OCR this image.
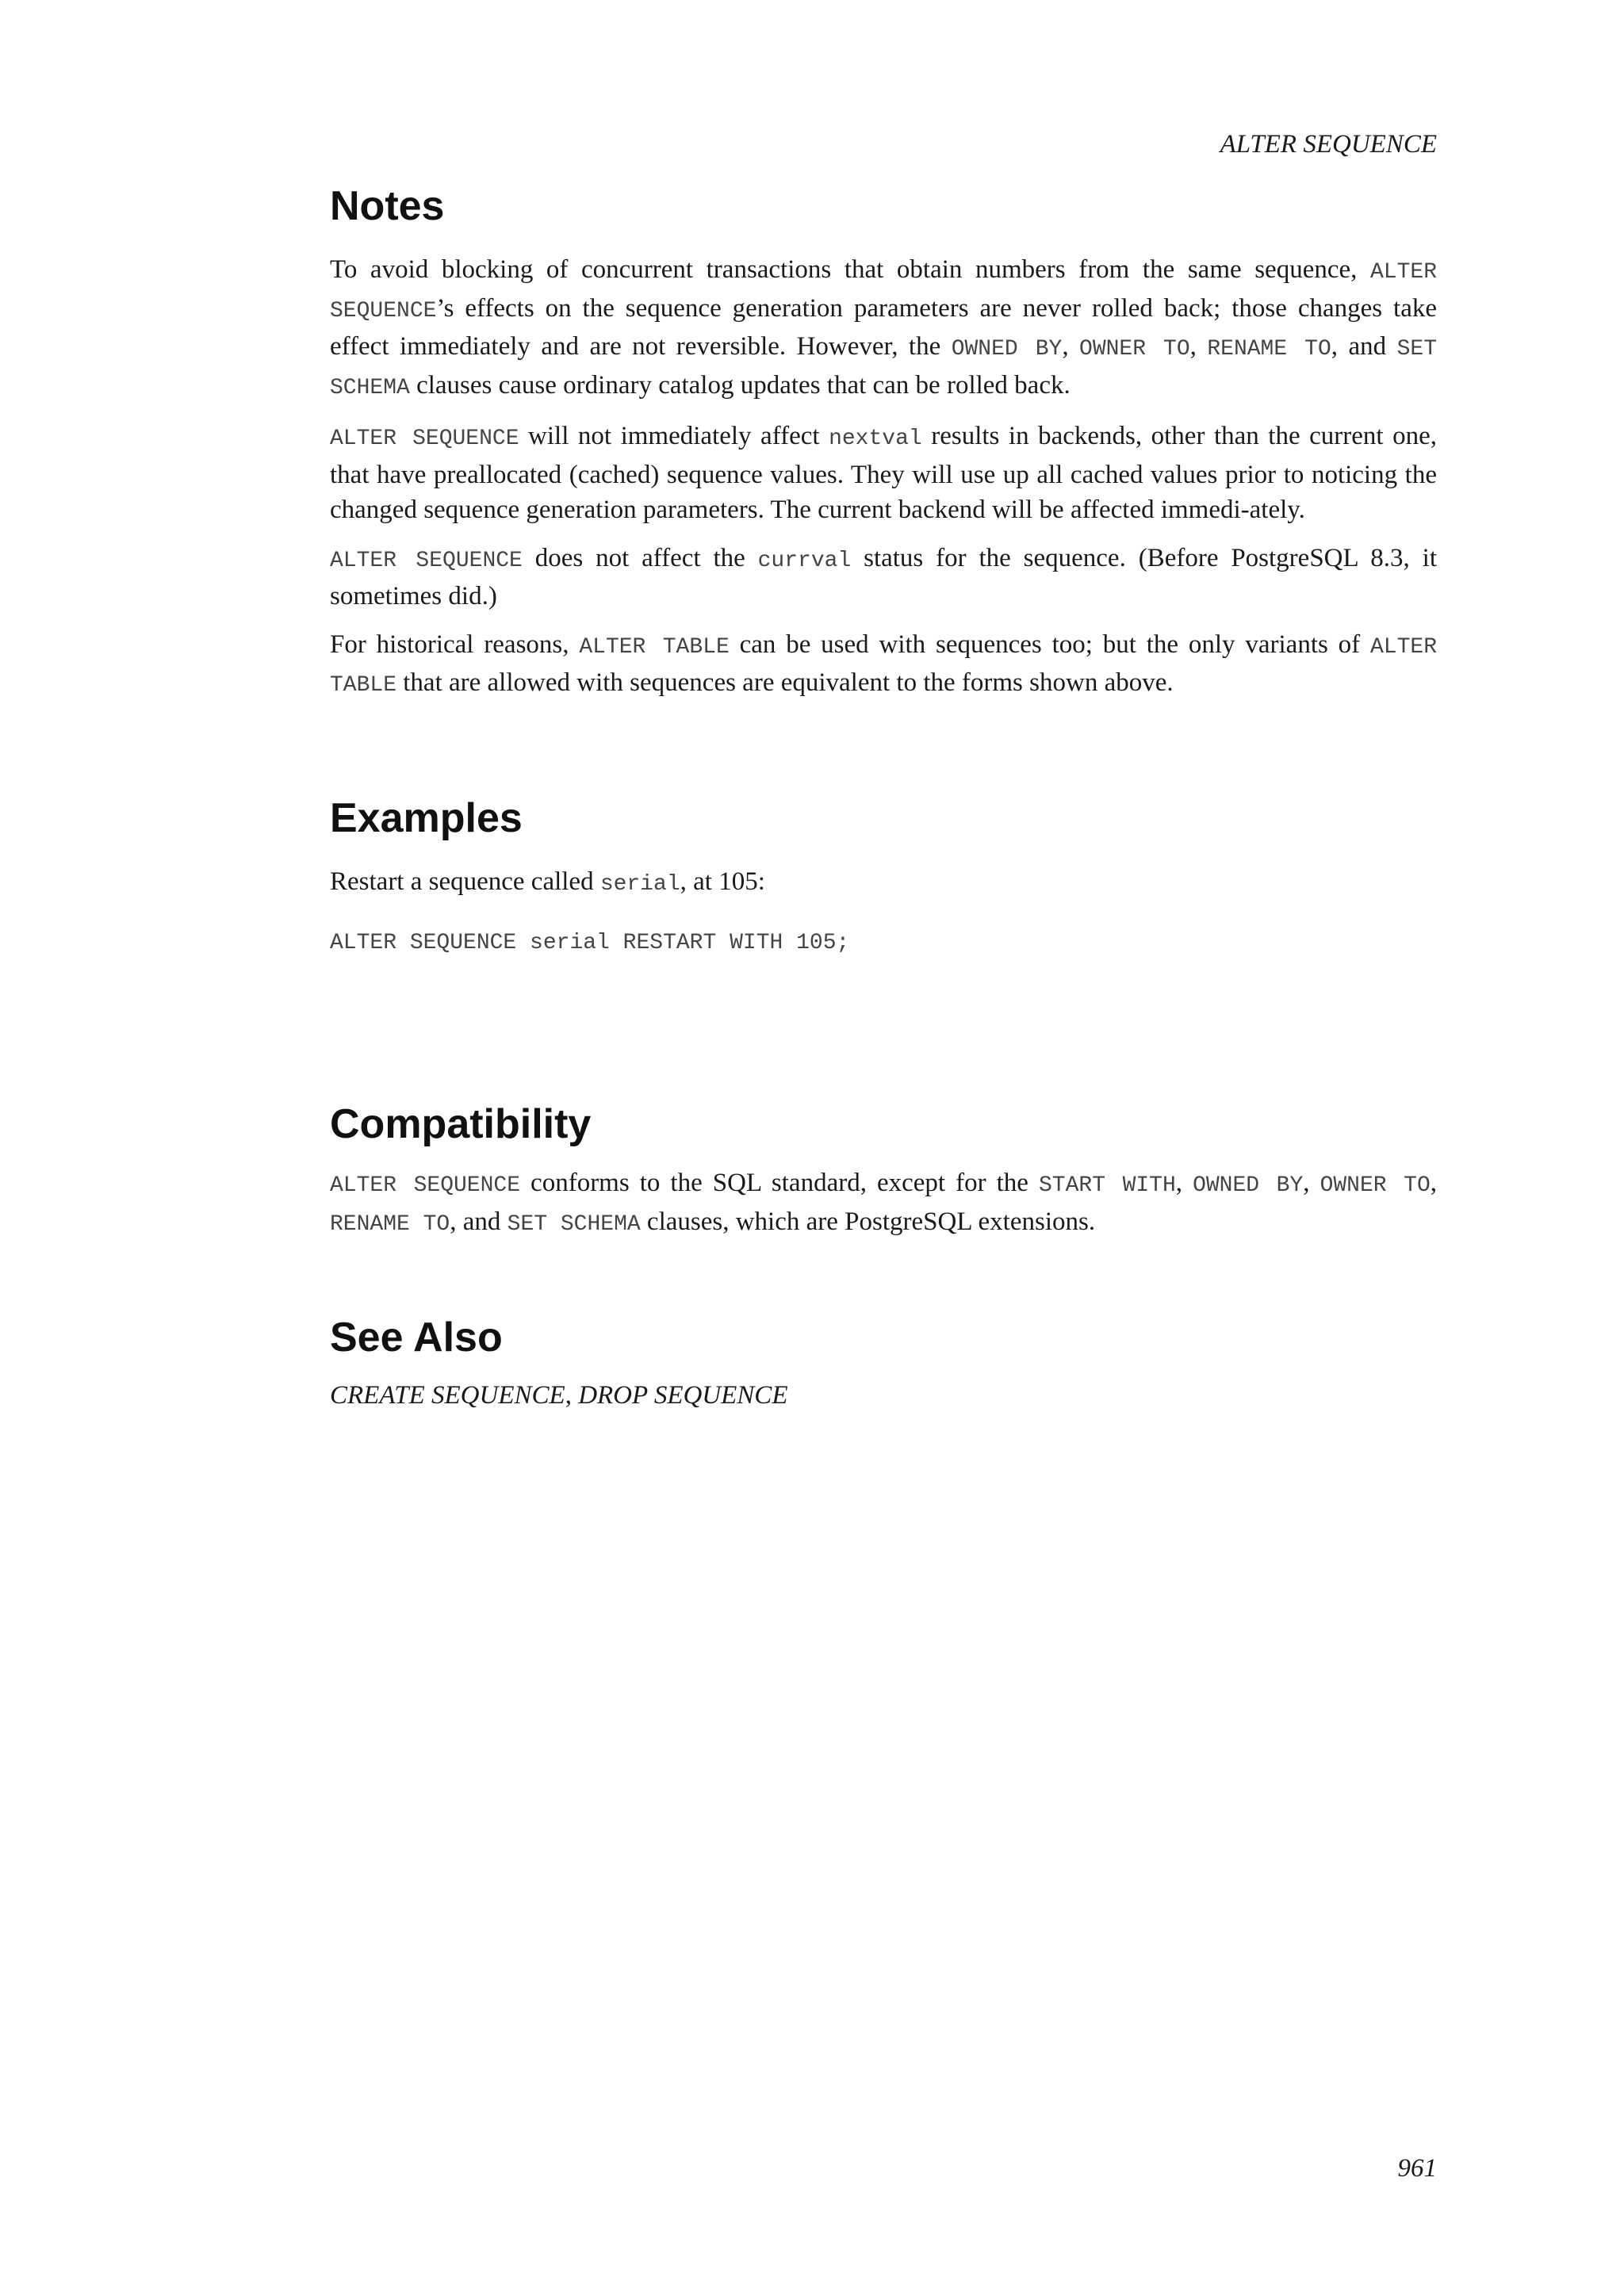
ALTER SEQUENCE
Notes

To avoid blocking of concurrent transactions that obtain numbers from the same sequence, ALTER SEQUENCE’s effects on the sequence generation parameters are never rolled back; those changes take effect immediately and are not reversible. However, the OWNED BY, OWNER TO, RENAME TO, and SET SCHEMA clauses cause ordinary catalog updates that can be rolled back.

ALTER SEQUENCE will not immediately affect nextval results in backends, other than the current one, that have preallocated (cached) sequence values. They will use up all cached values prior to noticing the changed sequence generation parameters. The current backend will be affected immedi-ately.

ALTER SEQUENCE does not affect the currval status for the sequence. (Before PostgreSQL 8.3, it sometimes did.)

For historical reasons, ALTER TABLE can be used with sequences too; but the only variants of ALTER TABLE that are allowed with sequences are equivalent to the forms shown above.

Examples

Restart a sequence called serial, at 105:

ALTER SEQUENCE serial RESTART WITH 105;
Compatibility

ALTER SEQUENCE conforms to the SQL standard, except for the START WITH, OWNED BY, OWNER TO, RENAME TO, and SET SCHEMA clauses, which are PostgreSQL extensions.

See Also

CREATE SEQUENCE, DROP SEQUENCE

961
